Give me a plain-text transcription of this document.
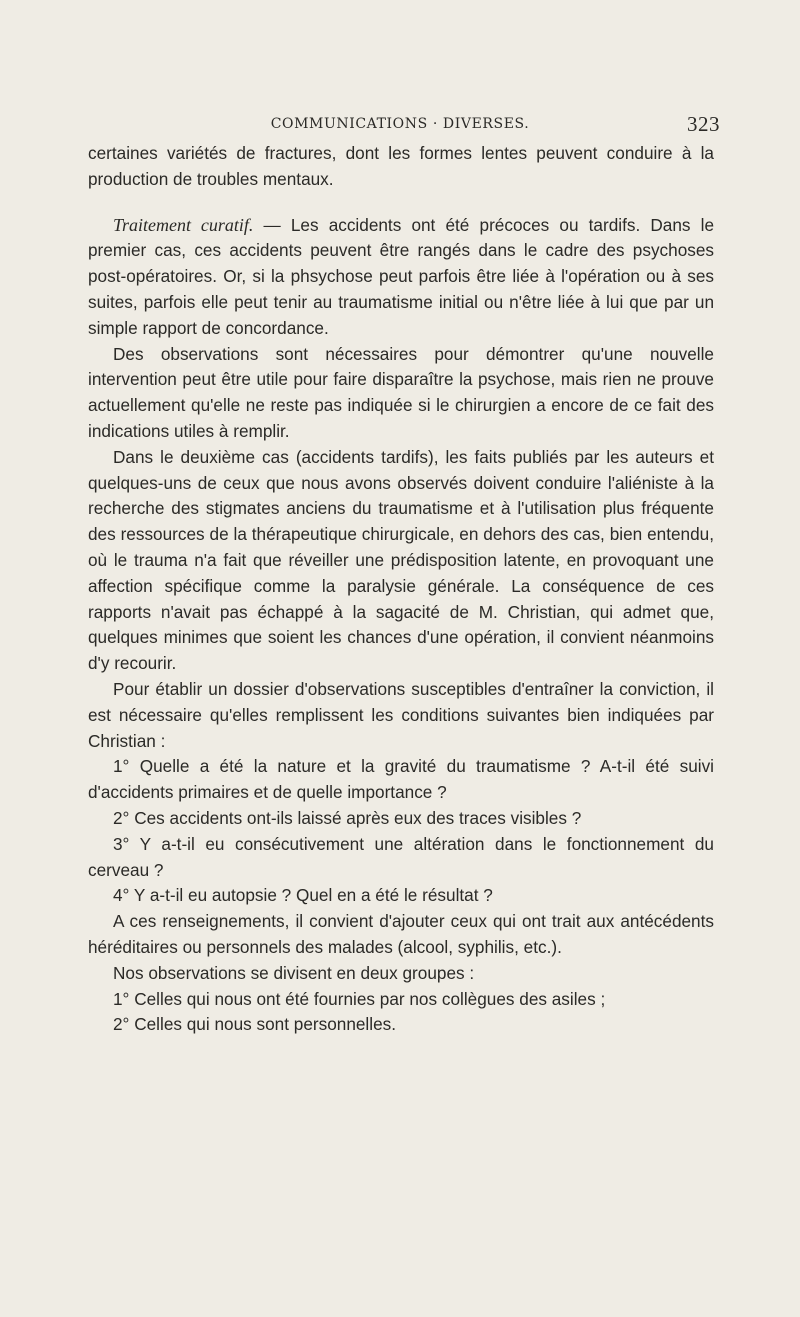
COMMUNICATIONS · DIVERSES.	323

certaines variétés de fractures, dont les formes lentes peuvent conduire à la production de troubles mentaux.

Traitement curatif. — Les accidents ont été précoces ou tardifs. Dans le premier cas, ces accidents peuvent être rangés dans le cadre des psychoses post-opératoires. Or, si la phsychose peut parfois être liée à l'opération ou à ses suites, parfois elle peut tenir au traumatisme initial ou n'être liée à lui que par un simple rapport de concordance.

Des observations sont nécessaires pour démontrer qu'une nouvelle intervention peut être utile pour faire disparaître la psychose, mais rien ne prouve actuellement qu'elle ne reste pas indiquée si le chirurgien a encore de ce fait des indications utiles à remplir.

Dans le deuxième cas (accidents tardifs), les faits publiés par les auteurs et quelques-uns de ceux que nous avons observés doivent conduire l'aliéniste à la recherche des stigmates anciens du traumatisme et à l'utilisation plus fréquente des ressources de la thérapeutique chirurgicale, en dehors des cas, bien entendu, où le trauma n'a fait que réveiller une prédisposition latente, en provoquant une affection spécifique comme la paralysie générale. La conséquence de ces rapports n'avait pas échappé à la sagacité de M. Christian, qui admet que, quelques minimes que soient les chances d'une opération, il convient néanmoins d'y recourir.

Pour établir un dossier d'observations susceptibles d'entraîner la conviction, il est nécessaire qu'elles remplissent les conditions suivantes bien indiquées par Christian :

1° Quelle a été la nature et la gravité du traumatisme ? A-t-il été suivi d'accidents primaires et de quelle importance ?

2° Ces accidents ont-ils laissé après eux des traces visibles ?

3° Y a-t-il eu consécutivement une altération dans le fonctionnement du cerveau ?

4° Y a-t-il eu autopsie ? Quel en a été le résultat ?

A ces renseignements, il convient d'ajouter ceux qui ont trait aux antécédents héréditaires ou personnels des malades (alcool, syphilis, etc.).

Nos observations se divisent en deux groupes :

1° Celles qui nous ont été fournies par nos collègues des asiles ;

2° Celles qui nous sont personnelles.
